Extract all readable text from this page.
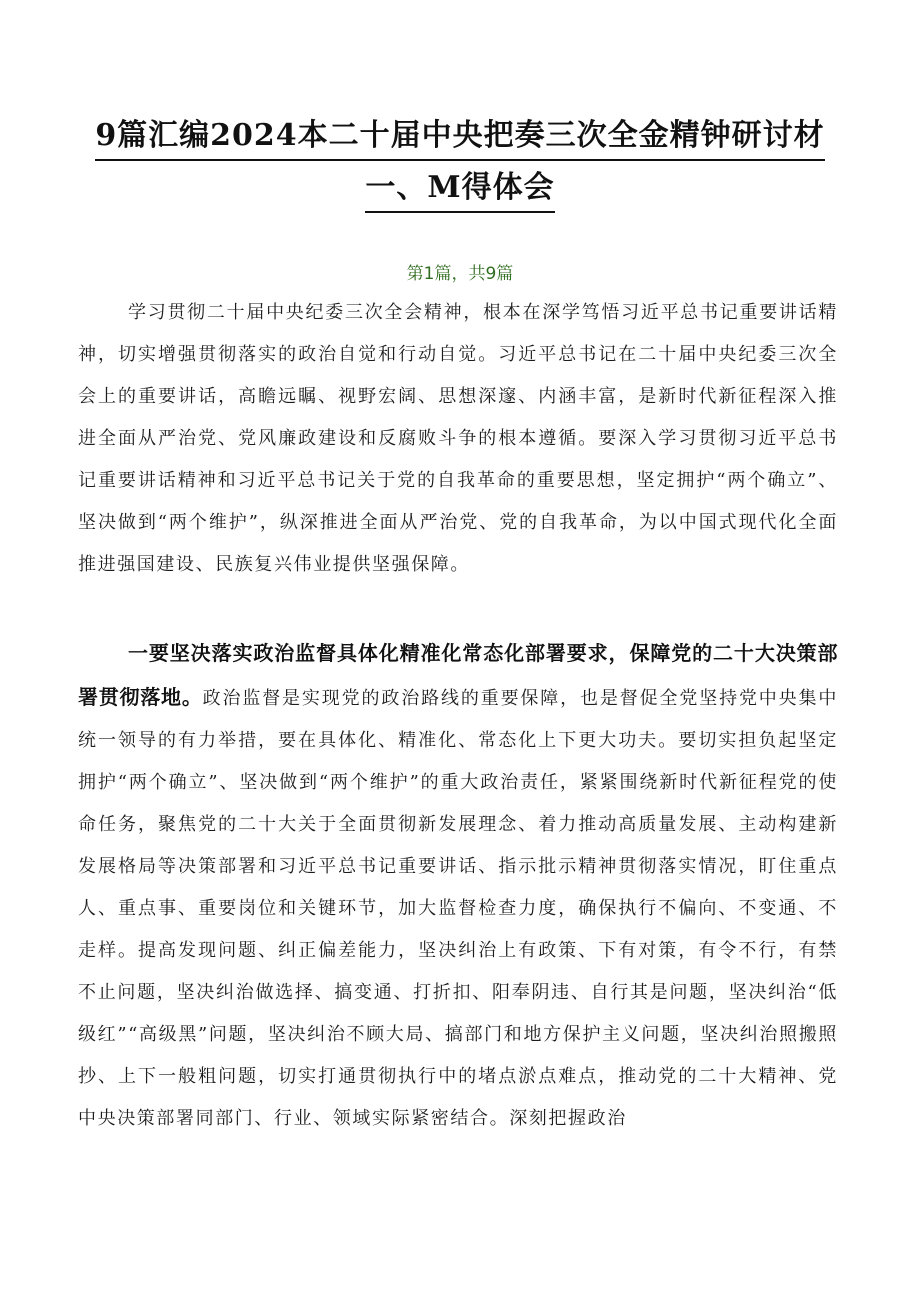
9篇汇编2024本二十届中央把奏三次全金精钟研讨材
一、M得体会
第1篇，共9篇
学习贯彻二十届中央纪委三次全会精神，根本在深学笃悟习近平总书记重要讲话精神，切实增强贯彻落实的政治自觉和行动自觉。习近平总书记在二十届中央纪委三次全会上的重要讲话，高瞻远瞩、视野宏阔、思想深邃、内涵丰富，是新时代新征程深入推进全面从严治党、党风廉政建设和反腐败斗争的根本遵循。要深入学习贯彻习近平总书记重要讲话精神和习近平总书记关于党的自我革命的重要思想，坚定拥护“两个确立”、坚决做到“两个维护”，纵深推进全面从严治党、党的自我革命，为以中国式现代化全面推进强国建设、民族复兴伟业提供坚强保障。
一要坚决落实政治监督具体化精准化常态化部署要求，保障党的二十大决策部署贯彻落地。政治监督是实现党的政治路线的重要保障，也是督促全党坚持党中央集中统一领导的有力举措，要在具体化、精准化、常态化上下更大功夫。要切实担负起坚定拥护“两个确立”、坚决做到“两个维护”的重大政治责任，紧紧围绕新时代新征程党的使命任务，聚焦党的二十大关于全面贯彻新发展理念、着力推动高质量发展、主动构建新发展格局等决策部署和习近平总书记重要讲话、指示批示精神贯彻落实情况，盯住重点人、重点事、重要岗位和关键环节，加大监督检查力度，确保执行不偏向、不变通、不走样。提高发现问题、纠正偏差能力，坚决纠治上有政策、下有对策，有令不行，有禁不止问题，坚决纠治做选择、搞变通、打折扣、阳奉阴违、自行其是问题，坚决纠治“低级红”“高级黑”问题，坚决纠治不顾大局、搞部门和地方保护主义问题，坚决纠治照搬照抄、上下一般粗问题，切实打通贯彻执行中的堵点淤点难点，推动党的二十大精神、党中央决策部署同部门、行业、领域实际紧密结合。深刻把握政治
